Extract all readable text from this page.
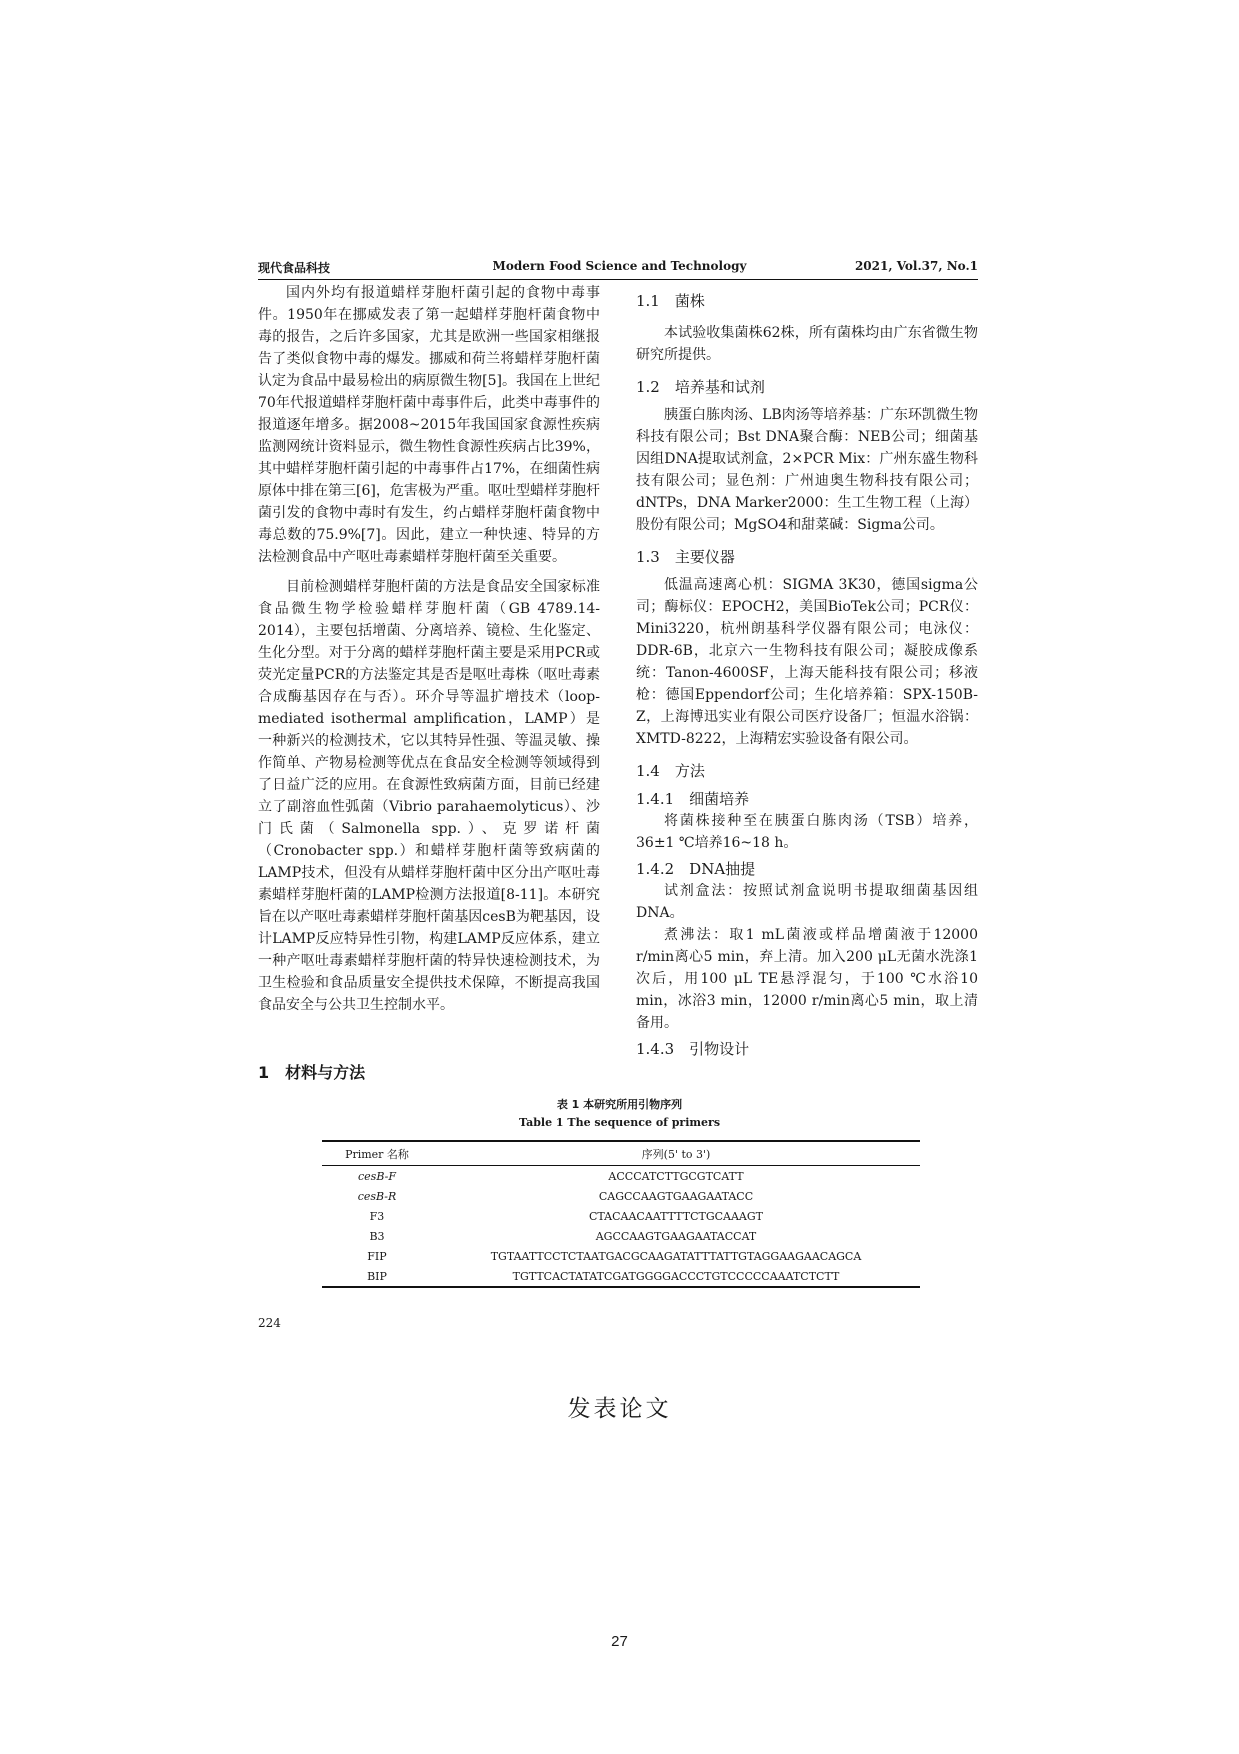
现代食品科技	Modern Food Science and Technology	2021, Vol.37, No.1

国内外均有报道蜡样芽胞杆菌引起的食物中毒事件。1950年在挪威发表了第一起蜡样芽胞杆菌食物中毒的报告，之后许多国家，尤其是欧洲一些国家相继报告了类似食物中毒的爆发。挪威和荷兰将蜡样芽胞杆菌认定为食品中最易检出的病原微生物[5]。我国在上世纪70年代报道蜡样芽胞杆菌中毒事件后，此类中毒事件的报道逐年增多。据2008~2015年我国国家食源性疾病监测网统计资料显示，微生物性食源性疾病占比39%，其中蜡样芽胞杆菌引起的中毒事件占17%，在细菌性病原体中排在第三[6]，危害极为严重。呕吐型蜡样芽胞杆菌引发的食物中毒时有发生，约占蜡样芽胞杆菌食物中毒总数的75.9%[7]。因此，建立一种快速、特异的方法检测食品中产呕吐毒素蜡样芽胞杆菌至关重要。

目前检测蜡样芽胞杆菌的方法是食品安全国家标准食品微生物学检验蜡样芽胞杆菌（GB 4789.14-2014），主要包括增菌、分离培养、镜检、生化鉴定、生化分型。对于分离的蜡样芽胞杆菌主要是采用PCR或荧光定量PCR的方法鉴定其是否是呕吐毒株（呕吐毒素合成酶基因存在与否）。环介导等温扩增技术（loop-mediated isothermal amplification，LAMP）是一种新兴的检测技术，它以其特异性强、等温灵敏、操作简单、产物易检测等优点在食品安全检测等领域得到了日益广泛的应用。在食源性致病菌方面，目前已经建立了副溶血性弧菌（Vibrio parahaemolyticus）、沙门氏菌（Salmonella spp.）、克罗诺杆菌（Cronobacter spp.）和蜡样芽胞杆菌等致病菌的LAMP技术，但没有从蜡样芽胞杆菌中区分出产呕吐毒素蜡样芽胞杆菌的LAMP检测方法报道[8-11]。本研究旨在以产呕吐毒素蜡样芽胞杆菌基因cesB为靶基因，设计LAMP反应特异性引物，构建LAMP反应体系，建立一种产呕吐毒素蜡样芽胞杆菌的特异快速检测技术，为卫生检验和食品质量安全提供技术保障，不断提高我国食品安全与公共卫生控制水平。

1　材料与方法
1.1　菌株

本试验收集菌株62株，所有菌株均由广东省微生物研究所提供。

1.2　培养基和试剂

胰蛋白胨肉汤、LB肉汤等培养基：广东环凯微生物科技有限公司；Bst DNA聚合酶：NEB公司；细菌基因组DNA提取试剂盒，2×PCR Mix：广州东盛生物科技有限公司；显色剂：广州迪奥生物科技有限公司；dNTPs，DNA Marker2000：生工生物工程（上海）股份有限公司；MgSO4和甜菜碱：Sigma公司。

1.3　主要仪器

低温高速离心机：SIGMA 3K30，德国sigma公司；酶标仪：EPOCH2，美国BioTek公司；PCR仪：Mini3220，杭州朗基科学仪器有限公司；电泳仪：DDR-6B，北京六一生物科技有限公司；凝胶成像系统：Tanon-4600SF，上海天能科技有限公司；移液枪：德国Eppendorf公司；生化培养箱：SPX-150B-Z，上海博迅实业有限公司医疗设备厂；恒温水浴锅：XMTD-8222，上海精宏实验设备有限公司。

1.4　方法
1.4.1　细菌培养

将菌株接种至在胰蛋白胨肉汤（TSB）培养，36±1 ℃培养16~18 h。

1.4.2　DNA抽提

试剂盒法：按照试剂盒说明书提取细菌基因组DNA。

煮沸法：取1 mL菌液或样品增菌液于12000 r/min离心5 min，弃上清。加入200 μL无菌水洗涤1次后，用100 μL TE悬浮混匀，于100 ℃水浴10 min，冰浴3 min，12000 r/min离心5 min，取上清备用。

1.4.3　引物设计
表 1 本研究所用引物序列
Table 1 The sequence of primers
Primer 名称	序列(5' to 3')
cesB-F	ACCCATCTTGCGTCATT
cesB-R	CAGCCAAGTGAAGAATACC
F3	CTACAACAATTTTCTGCAAAGT
B3	AGCCAAGTGAAGAATACCAT
FIP	TGTAATTCCTCTAATGACGCAAGATATTTATTGTAGGAAGAACAGCA
BIP	TGTTCACTATATCGATGGGGACCCTGTCCCCCAAATCTCTT
224
发表论文
27
